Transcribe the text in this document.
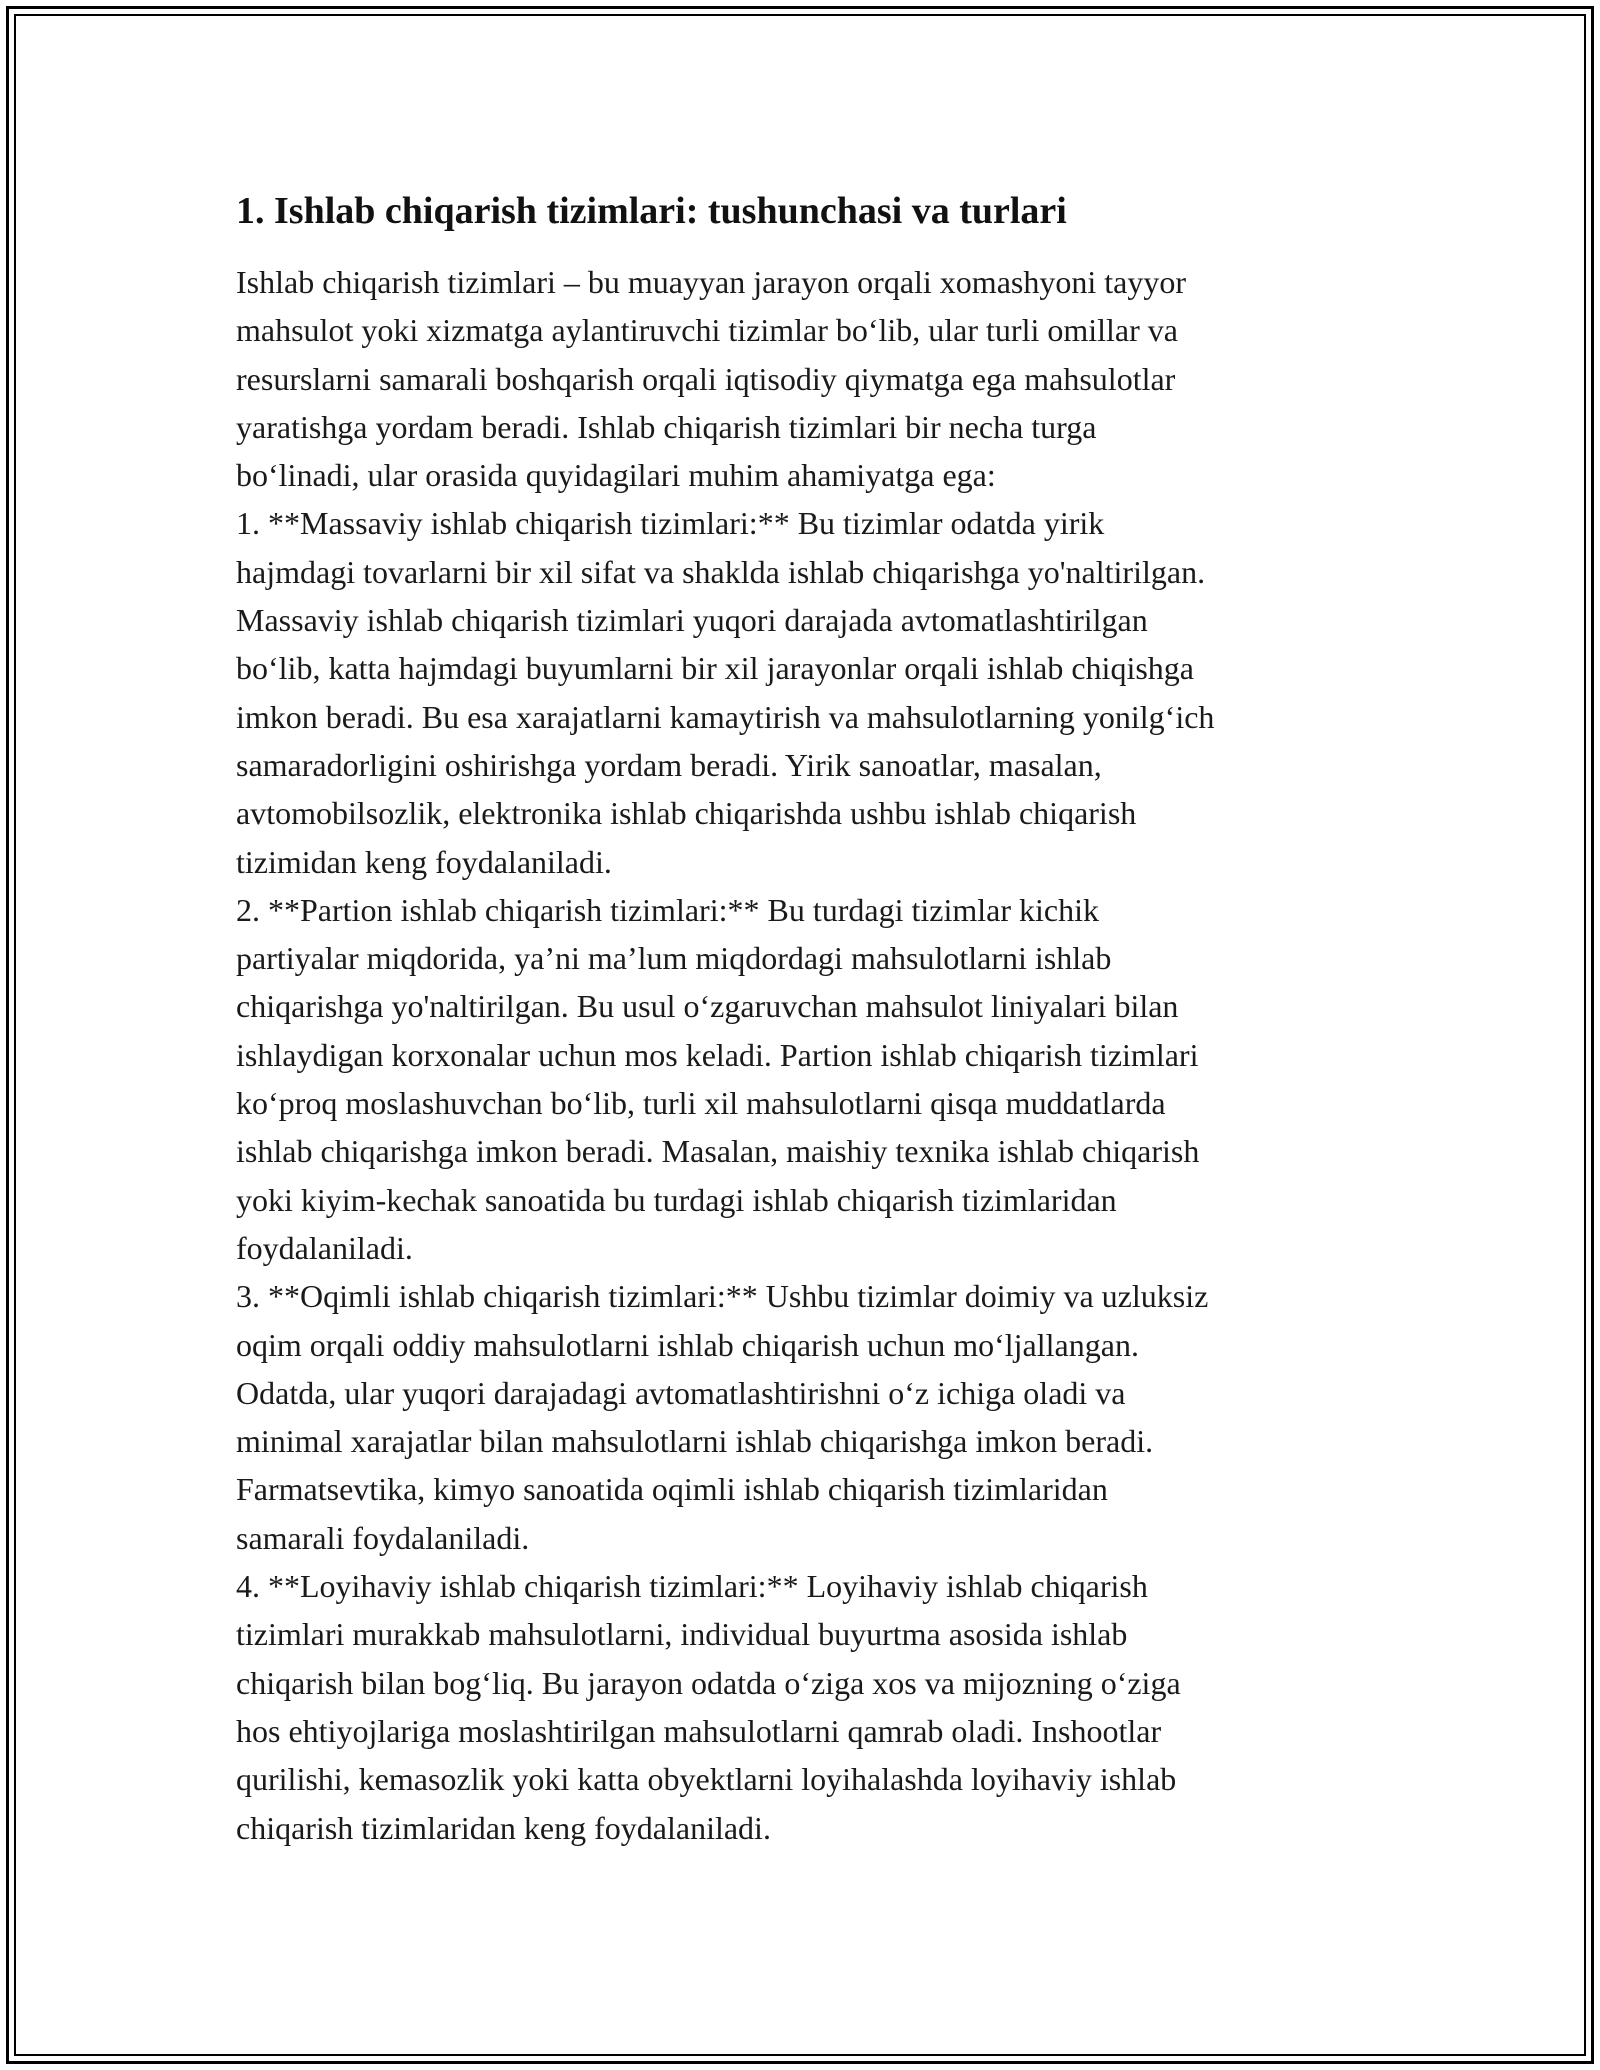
1. Ishlab chiqarish tizimlari: tushunchasi va turlari
Ishlab chiqarish tizimlari – bu muayyan jarayon orqali xomashyoni tayyor
mahsulot yoki xizmatga aylantiruvchi tizimlar bo‘lib, ular turli omillar va
resurslarni samarali boshqarish orqali iqtisodiy qiymatga ega mahsulotlar
yaratishga yordam beradi. Ishlab chiqarish tizimlari bir necha turga
bo‘linadi, ular orasida quyidagilari muhim ahamiyatga ega:
1. **Massaviy ishlab chiqarish tizimlari:** Bu tizimlar odatda yirik
hajmdagi tovarlarni bir xil sifat va shaklda ishlab chiqarishga yo'naltirilgan.
Massaviy ishlab chiqarish tizimlari yuqori darajada avtomatlashtirilgan
bo‘lib, katta hajmdagi buyumlarni bir xil jarayonlar orqali ishlab chiqishga
imkon beradi. Bu esa xarajatlarni kamaytirish va mahsulotlarning yonilg‘ich
samaradorligini oshirishga yordam beradi. Yirik sanoatlar, masalan,
avtomobilsozlik, elektronika ishlab chiqarishda ushbu ishlab chiqarish
tizimidan keng foydalaniladi.
2. **Partion ishlab chiqarish tizimlari:** Bu turdagi tizimlar kichik
partiyalar miqdorida, ya’ni ma’lum miqdordagi mahsulotlarni ishlab
chiqarishga yo'naltirilgan. Bu usul o‘zgaruvchan mahsulot liniyalari bilan
ishlaydigan korxonalar uchun mos keladi. Partion ishlab chiqarish tizimlari
ko‘proq moslashuvchan bo‘lib, turli xil mahsulotlarni qisqa muddatlarda
ishlab chiqarishga imkon beradi. Masalan, maishiy texnika ishlab chiqarish
yoki kiyim-kechak sanoatida bu turdagi ishlab chiqarish tizimlaridan
foydalaniladi.
3. **Oqimli ishlab chiqarish tizimlari:** Ushbu tizimlar doimiy va uzluksiz
oqim orqali oddiy mahsulotlarni ishlab chiqarish uchun mo‘ljallangan.
Odatda, ular yuqori darajadagi avtomatlashtirishni o‘z ichiga oladi va
minimal xarajatlar bilan mahsulotlarni ishlab chiqarishga imkon beradi.
Farmatsevtika, kimyo sanoatida oqimli ishlab chiqarish tizimlaridan
samarali foydalaniladi.
4. **Loyihaviy ishlab chiqarish tizimlari:** Loyihaviy ishlab chiqarish
tizimlari murakkab mahsulotlarni, individual buyurtma asosida ishlab
chiqarish bilan bog‘liq. Bu jarayon odatda o‘ziga xos va mijozning o‘ziga
hos ehtiyojlariga moslashtirilgan mahsulotlarni qamrab oladi. Inshootlar
qurilishi, kemasozlik yoki katta obyektlarni loyihalashda loyihaviy ishlab
chiqarish tizimlaridan keng foydalaniladi.
